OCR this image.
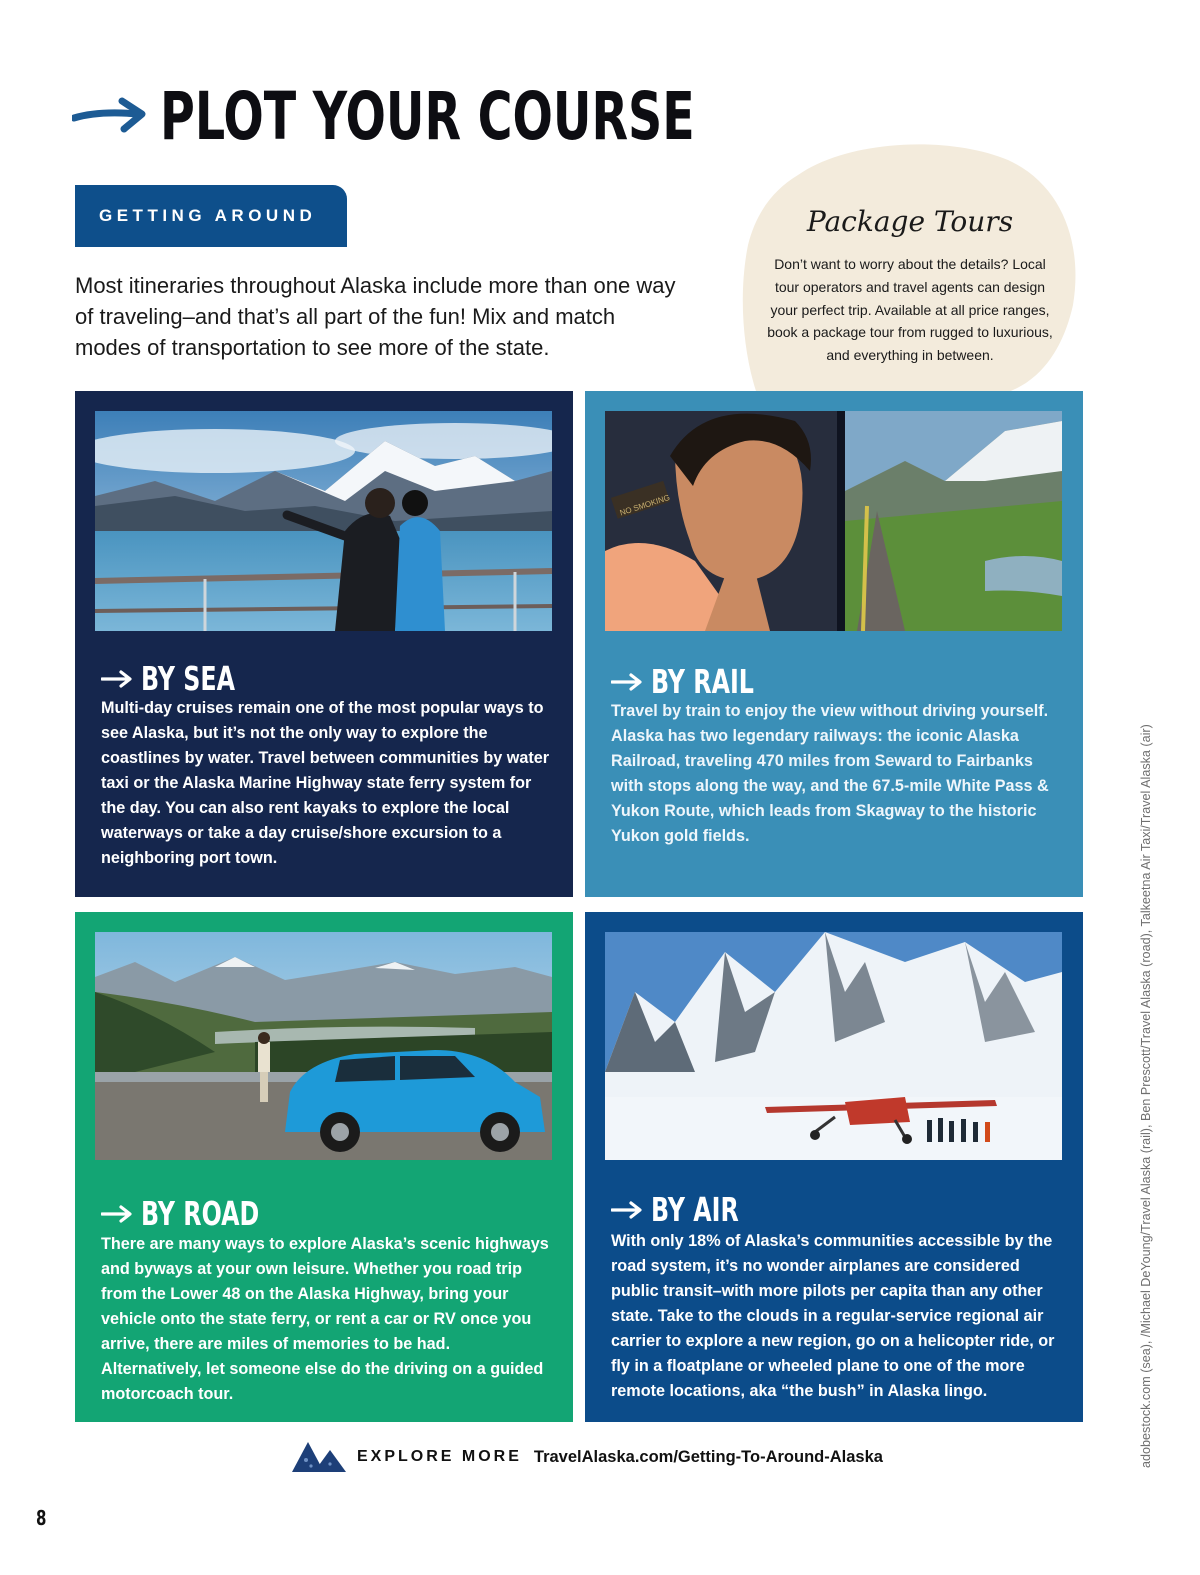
PLOT YOUR COURSE
GETTING AROUND

Most itineraries throughout Alaska include more than one way of traveling–and that’s all part of the fun! Mix and match modes of transportation to see more of the state.

Package Tours

Don’t want to worry about the details? Local tour operators and travel agents can design your perfect trip. Available at all price ranges, book a package tour from rugged to luxurious, and everything in between.

BY SEA

Multi-day cruises remain one of the most popular ways to see Alaska, but it’s not the only way to explore the coastlines by water. Travel between communities by water taxi or the Alaska Marine Highway state ferry system for the day. You can also rent kayaks to explore the local waterways or take a day cruise/shore excursion to a neighboring port town.

NO SMOKING
BY RAIL

Travel by train to enjoy the view without driving yourself. Alaska has two legendary railways: the iconic Alaska Railroad, traveling 470 miles from Seward to Fairbanks with stops along the way, and the 67.5-mile White Pass & Yukon Route, which leads from Skagway to the historic Yukon gold fields.

BY ROAD

There are many ways to explore Alaska’s scenic highways and byways at your own leisure. Whether you road trip from the Lower 48 on the Alaska Highway, bring your vehicle onto the state ferry, or rent a car or RV once you arrive, there are miles of memories to be had. Alternatively, let someone else do the driving on a guided motorcoach tour.

BY AIR

With only 18% of Alaska’s communities accessible by the road system, it’s no wonder airplanes are considered public transit–with more pilots per capita than any other state. Take to the clouds in a regular-service regional air carrier to explore a new region, go on a helicopter ride, or fly in a floatplane or wheeled plane to one of the more remote locations, aka “the bush” in Alaska lingo.

EXPLORE MORE TravelAlaska.com/Getting-To-Around-Alaska
8
adobestock.com (sea), /Michael DeYoung/Travel Alaska (rail), Ben Prescott/Travel Alaska (road), Talkeetna Air Taxi/Travel Alaska (air)
